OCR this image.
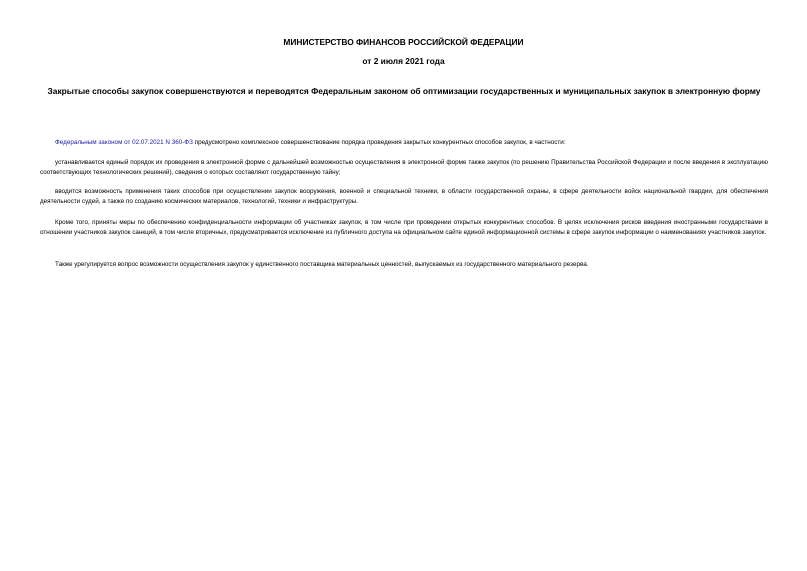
МИНИСТЕРСТВО ФИНАНСОВ РОССИЙСКОЙ ФЕДЕРАЦИИ
от 2 июля 2021 года
Закрытые способы закупок совершенствуются и переводятся Федеральным законом об оптимизации государственных и муниципальных закупок в электронную форму

Федеральным законом от 02.07.2021 N 360-ФЗ предусмотрено комплексное совершенствование порядка проведения закрытых конкурентных способов закупок, в частности:

устанавливается единый порядок их проведения в электронной форме с дальнейшей возможностью осуществления в электронной форме также закупок (по решению Правительства Российской Федерации и после введения в эксплуатацию соответствующих технологических решений), сведения о которых составляют государственную тайну;

вводится возможность применения таких способов при осуществлении закупок вооружения, военной и специальной техники, в области государственной охраны, в сфере деятельности войск национальной гвардии, для обеспечения деятельности судей, а также по созданию космических материалов, технологий, техники и инфраструктуры.

Кроме того, приняты меры по обеспечению конфиденциальности информации об участниках закупок, в том числе при проведении открытых конкурентных способов. В целях исключения рисков введения иностранными государствами в отношении участников закупок санкций, в том числе вторичных, предусматривается исключение из публичного доступа на официальном сайте единой информационной системы в сфере закупок информации о наименованиях участников закупок.

Также урегулируется вопрос возможности осуществления закупок у единственного поставщика материальных ценностей, выпускаемых из государственного материального резерва.
